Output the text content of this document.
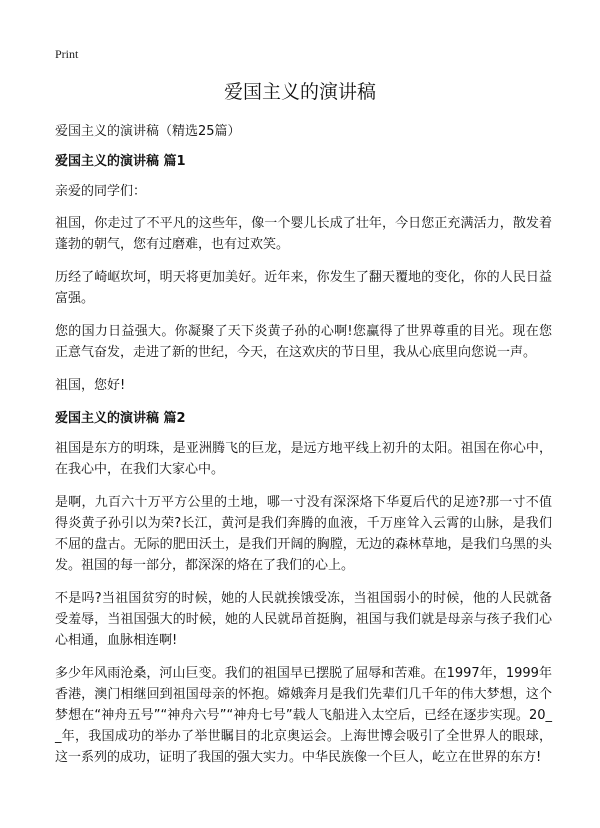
Print
爱国主义的演讲稿

爱国主义的演讲稿（精选25篇）

爱国主义的演讲稿 篇1

亲爱的同学们：

祖国，你走过了不平凡的这些年，像一个婴儿长成了壮年，今日您正充满活力，散发着蓬勃的朝气，您有过磨难，也有过欢笑。

历经了崎岖坎坷，明天将更加美好。近年来，你发生了翻天覆地的变化，你的人民日益富强。

您的国力日益强大。你凝聚了天下炎黄子孙的心啊!您赢得了世界尊重的目光。现在您正意气奋发，走进了新的世纪，今天，在这欢庆的节日里，我从心底里向您说一声。

祖国，您好!

爱国主义的演讲稿 篇2

祖国是东方的明珠，是亚洲腾飞的巨龙，是远方地平线上初升的太阳。祖国在你心中，在我心中，在我们大家心中。

是啊，九百六十万平方公里的土地，哪一寸没有深深烙下华夏后代的足迹?那一寸不值得炎黄子孙引以为荣?长江，黄河是我们奔腾的血液，千万座耸入云霄的山脉，是我们不屈的盘古。无际的肥田沃土，是我们开阔的胸膛，无边的森林草地，是我们乌黑的头发。祖国的每一部分，都深深的烙在了我们的心上。

不是吗?当祖国贫穷的时候，她的人民就挨饿受冻，当祖国弱小的时候，他的人民就备受羞辱，当祖国强大的时候，她的人民就昂首挺胸，祖国与我们就是母亲与孩子我们心心相通，血脉相连啊!

多少年风雨沧桑，河山巨变。我们的祖国早已摆脱了屈辱和苦难。在1997年，1999年香港，澳门相继回到祖国母亲的怀抱。嫦娥奔月是我们先辈们几千年的伟大梦想，这个梦想在“神舟五号”“神舟六号”“神舟七号”载人飞船进入太空后，已经在逐步实现。20__年，我国成功的举办了举世瞩目的北京奥运会。上海世博会吸引了全世界人的眼球，这一系列的成功，证明了我国的强大实力。中华民族像一个巨人，屹立在世界的东方!
